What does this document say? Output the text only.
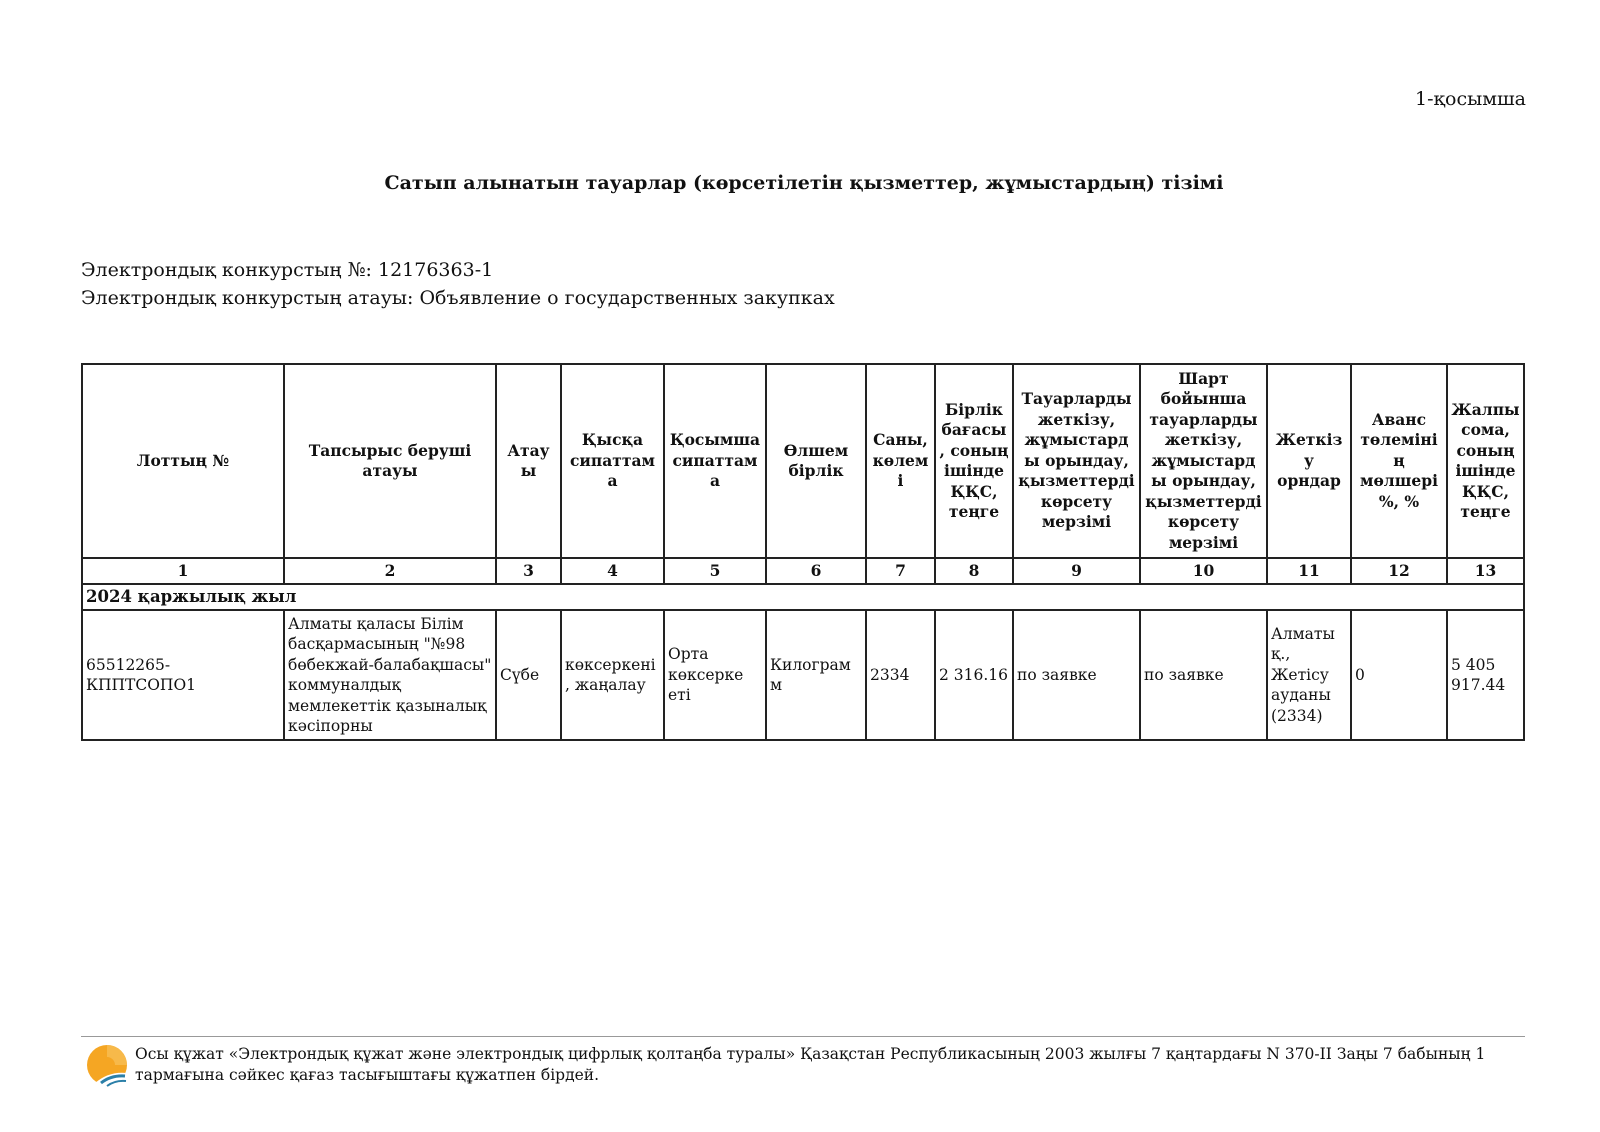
1-қосымша
Сатып алынатын тауарлар (көрсетілетін қызметтер, жұмыстардың) тізімі
Электрондық конкурстың №: 12176363-1
Электрондық конкурстың атауы: Объявление о государственных закупках
Лоттың №	Тапсырыс беруші атауы	Атауы	Қысқа сипаттама	Қосымша сипаттама	Өлшем бірлік	Саны, көлемі	Бірлік бағасы, соның ішінде ҚҚС, теңге	Тауарларды жеткізу, жұмыстарды орындау, қызметтерді көрсету мерзімі	Шарт бойынша тауарларды жеткізу, жұмыстарды орындау, қызметтерді көрсету мерзімі	Жеткізу орндар	Аванс төлемінің мөлшері %, %	Жалпы сома, соның ішінде ҚҚС, теңге
1	2	3	4	5	6	7	8	9	10	11	12	13
2024 қаржылық жыл												
65512265-КППТСОПО1	Алматы қаласы Білім басқармасының "№98 бөбекжай-балабақшасы" коммуналдық мемлекеттік қазыналық кәсіпорны	Сүбе	көксеркені, жаңалау	Орта көксерке еті	Килограмм	2334	2 316.16	по заявке	по заявке	Алматы қ., Жетісу ауданы (2334)	0	5 405 917.44
Осы құжат «Электрондық құжат және электрондық цифрлық қолтаңба туралы» Қазақстан Республикасының 2003 жылғы 7 қаңтардағы N 370-II Заңы 7 бабының 1 тармағына сәйкес қағаз тасығыштағы құжатпен бірдей.
